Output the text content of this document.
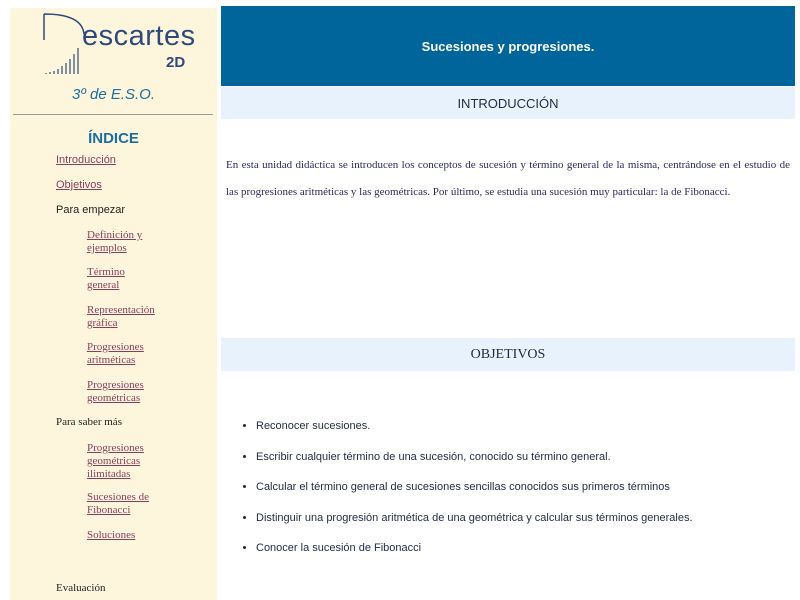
escartes
2D
3º de E.S.O.
ÍNDICE
Introducción
Objetivos
Para empezar
Definición y ejemplos
Término general
Representación gráfica
Progresiones aritméticas
Progresiones geométricas
Para saber más
Progresiones geométricas ilimitadas
Sucesiones de Fibonacci
Soluciones
Evaluación
Sucesiones y progresiones.
INTRODUCCIÓN
En esta unidad didáctica se introducen los conceptos de sucesión y término general de la misma, centrándose en el estudio de las progresiones aritméticas y las geométricas. Por último, se estudia una sucesión muy particular: la de Fibonacci.
OBJETIVOS
• Reconocer sucesiones.
• Escribir cualquier término de una sucesión, conocido su término general.
• Calcular el término general de sucesiones sencillas conocidos sus primeros términos
• Distinguir una progresión aritmética de una geométrica y calcular sus términos generales.
• Conocer la sucesión de Fibonacci
